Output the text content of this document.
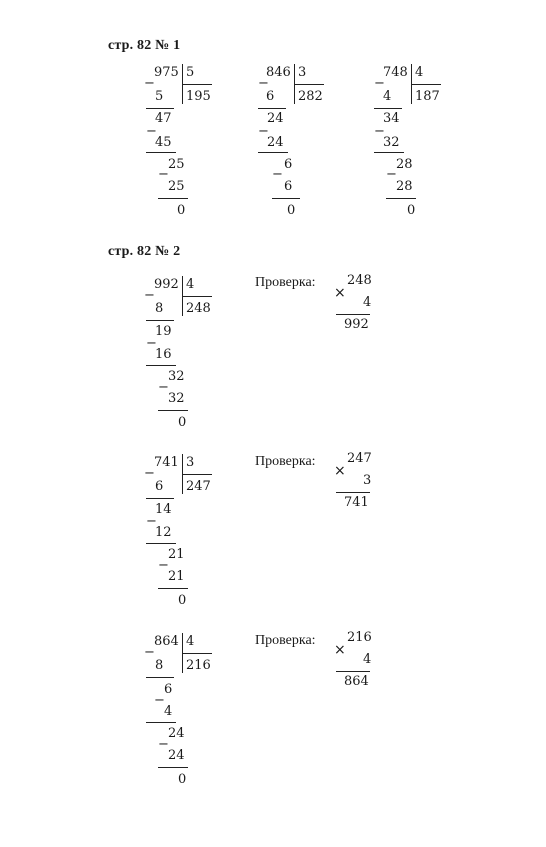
стр. 82 № 1
−
975 5
195
5
−
47
45
−
25
25
0
−
846 3
282
6
−
24
24
−
6
6
0
−
748 4
187
4
−
34
32
−
28
28
0
стр. 82 № 2
−
992 4
248
8
−
19
16
−
32
32
0
Проверка:
×
248
4
992
−
741 3
247
6
−
14
12
−
21
21
0
Проверка:
×
247
3
741
−
864 4
216
8
−
6
4
−
24
24
0
Проверка:
×
216
4
864
